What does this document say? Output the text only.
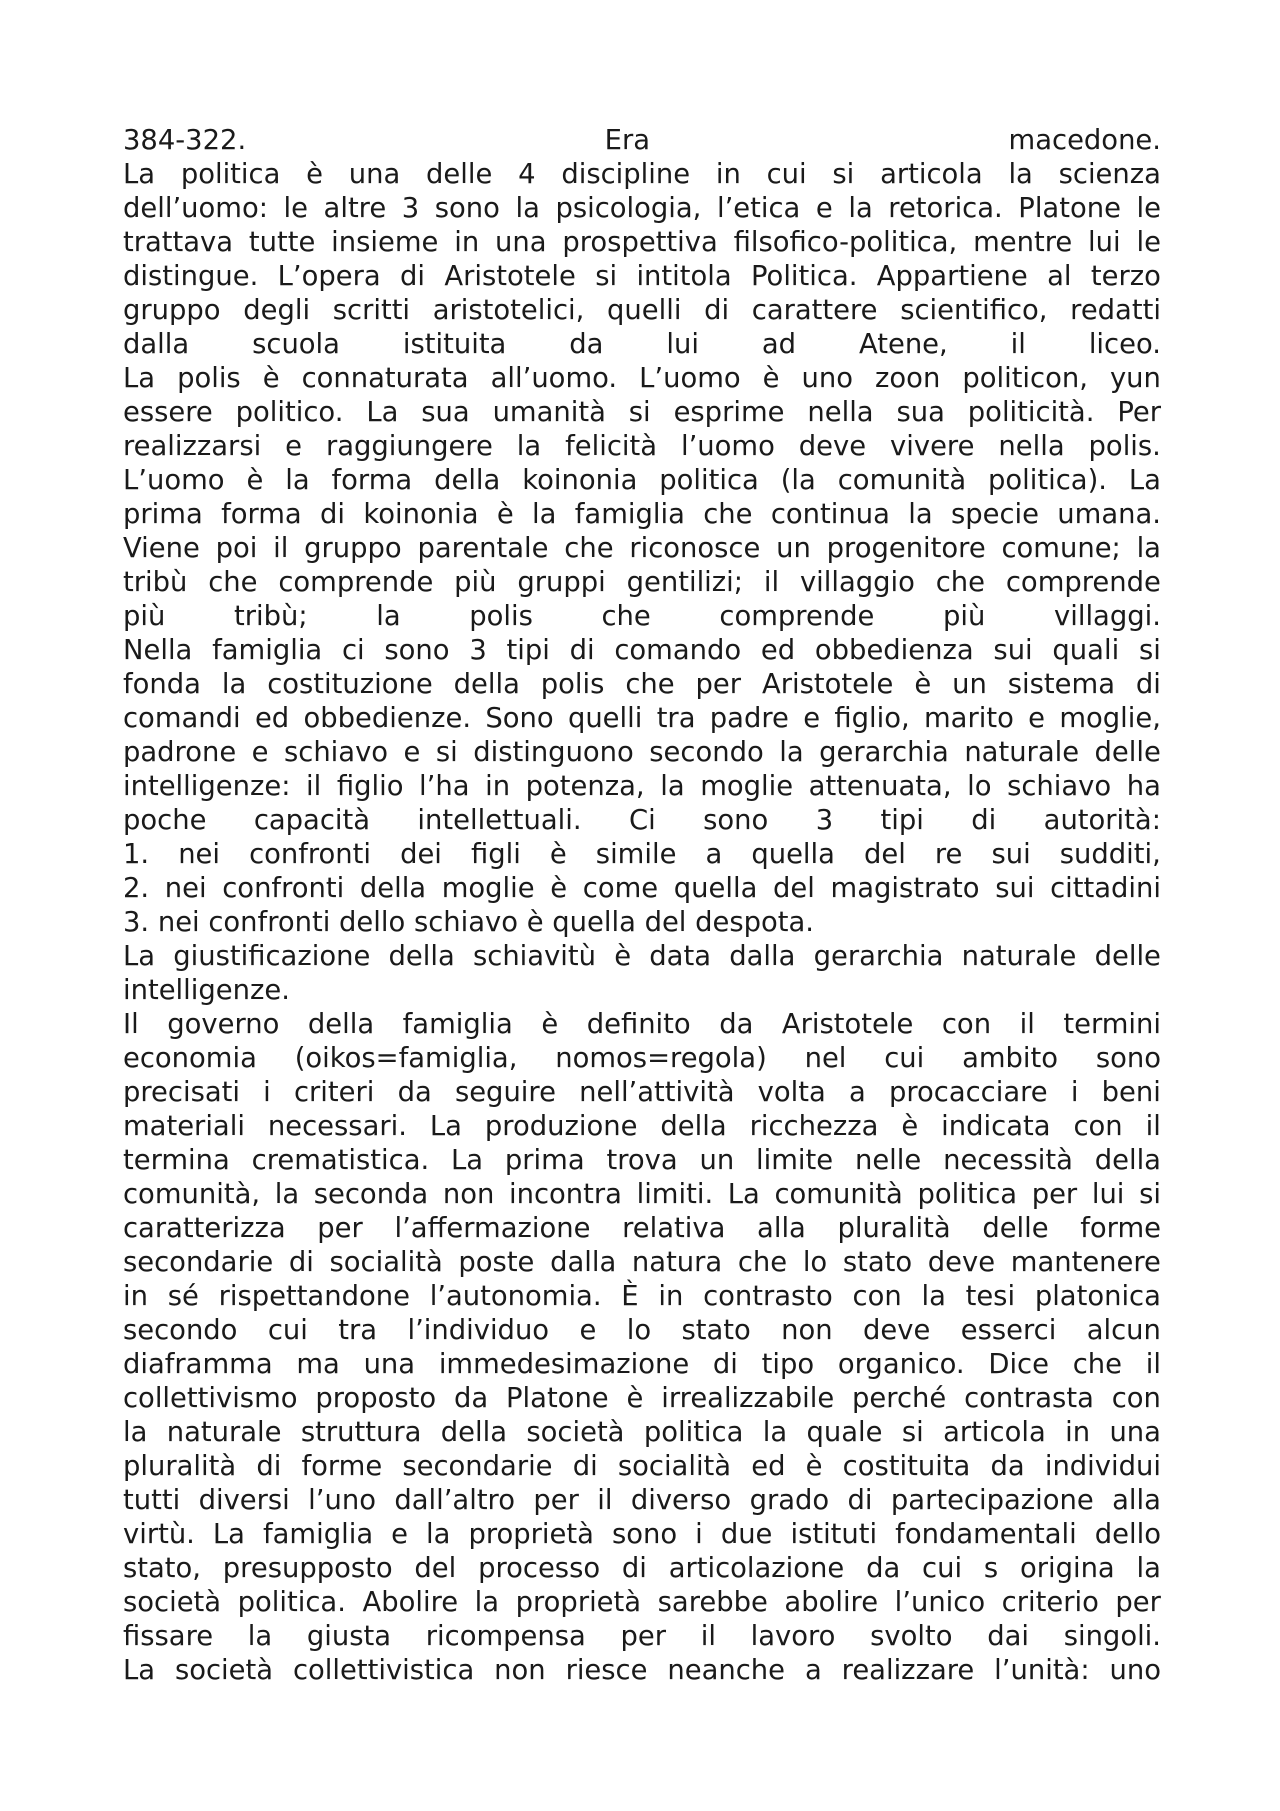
384-322.	Era	macedone.
La politica è una delle 4 discipline in cui si articola la scienza
dell’uomo: le altre 3 sono la psicologia, l’etica e la retorica. Platone le
trattava tutte insieme in una prospettiva filsofico-politica, mentre lui le
distingue. L’opera di Aristotele si intitola Politica. Appartiene al terzo
gruppo degli scritti aristotelici, quelli di carattere scientifico, redatti
dalla scuola istituita da lui ad Atene, il liceo.
La polis è connaturata all’uomo. L’uomo è uno zoon politicon, yun
essere politico. La sua umanità si esprime nella sua politicità. Per
realizzarsi e raggiungere la felicità l’uomo deve vivere nella polis.
L’uomo è la forma della koinonia politica (la comunità politica). La
prima forma di koinonia è la famiglia che continua la specie umana.
Viene poi il gruppo parentale che riconosce un progenitore comune; la
tribù che comprende più gruppi gentilizi; il villaggio che comprende
più	tribù;	la	polis	che	comprende	più	villaggi.
Nella famiglia ci sono 3 tipi di comando ed obbedienza sui quali si
fonda la costituzione della polis che per Aristotele è un sistema di
comandi ed obbedienze. Sono quelli tra padre e figlio, marito e moglie,
padrone e schiavo e si distinguono secondo la gerarchia naturale delle
intelligenze: il figlio l’ha in potenza, la moglie attenuata, lo schiavo ha
poche capacità intellettuali. Ci sono 3 tipi di autorità:
1. nei confronti dei figli è simile a quella del re sui sudditi,
2. nei confronti della moglie è come quella del magistrato sui cittadini
3. nei confronti dello schiavo è quella del despota.
La giustificazione della schiavitù è data dalla gerarchia naturale delle
intelligenze.
Il governo della famiglia è definito da Aristotele con il termini
economia (oikos=famiglia, nomos=regola) nel cui ambito sono
precisati i criteri da seguire nell’attività volta a procacciare i beni
materiali necessari. La produzione della ricchezza è indicata con il
termina crematistica. La prima trova un limite nelle necessità della
comunità, la seconda non incontra limiti. La comunità politica per lui si
caratterizza per l’affermazione relativa alla pluralità delle forme
secondarie di socialità poste dalla natura che lo stato deve mantenere
in sé rispettandone l’autonomia. È in contrasto con la tesi platonica
secondo cui tra l’individuo e lo stato non deve esserci alcun
diaframma ma una immedesimazione di tipo organico. Dice che il
collettivismo proposto da Platone è irrealizzabile perché contrasta con
la naturale struttura della società politica la quale si articola in una
pluralità di forme secondarie di socialità ed è costituita da individui
tutti diversi l’uno dall’altro per il diverso grado di partecipazione alla
virtù. La famiglia e la proprietà sono i due istituti fondamentali dello
stato, presupposto del processo di articolazione da cui s origina la
società politica. Abolire la proprietà sarebbe abolire l’unico criterio per
fissare la giusta ricompensa per il lavoro svolto dai singoli.
La società collettivistica non riesce neanche a realizzare l’unità: uno
